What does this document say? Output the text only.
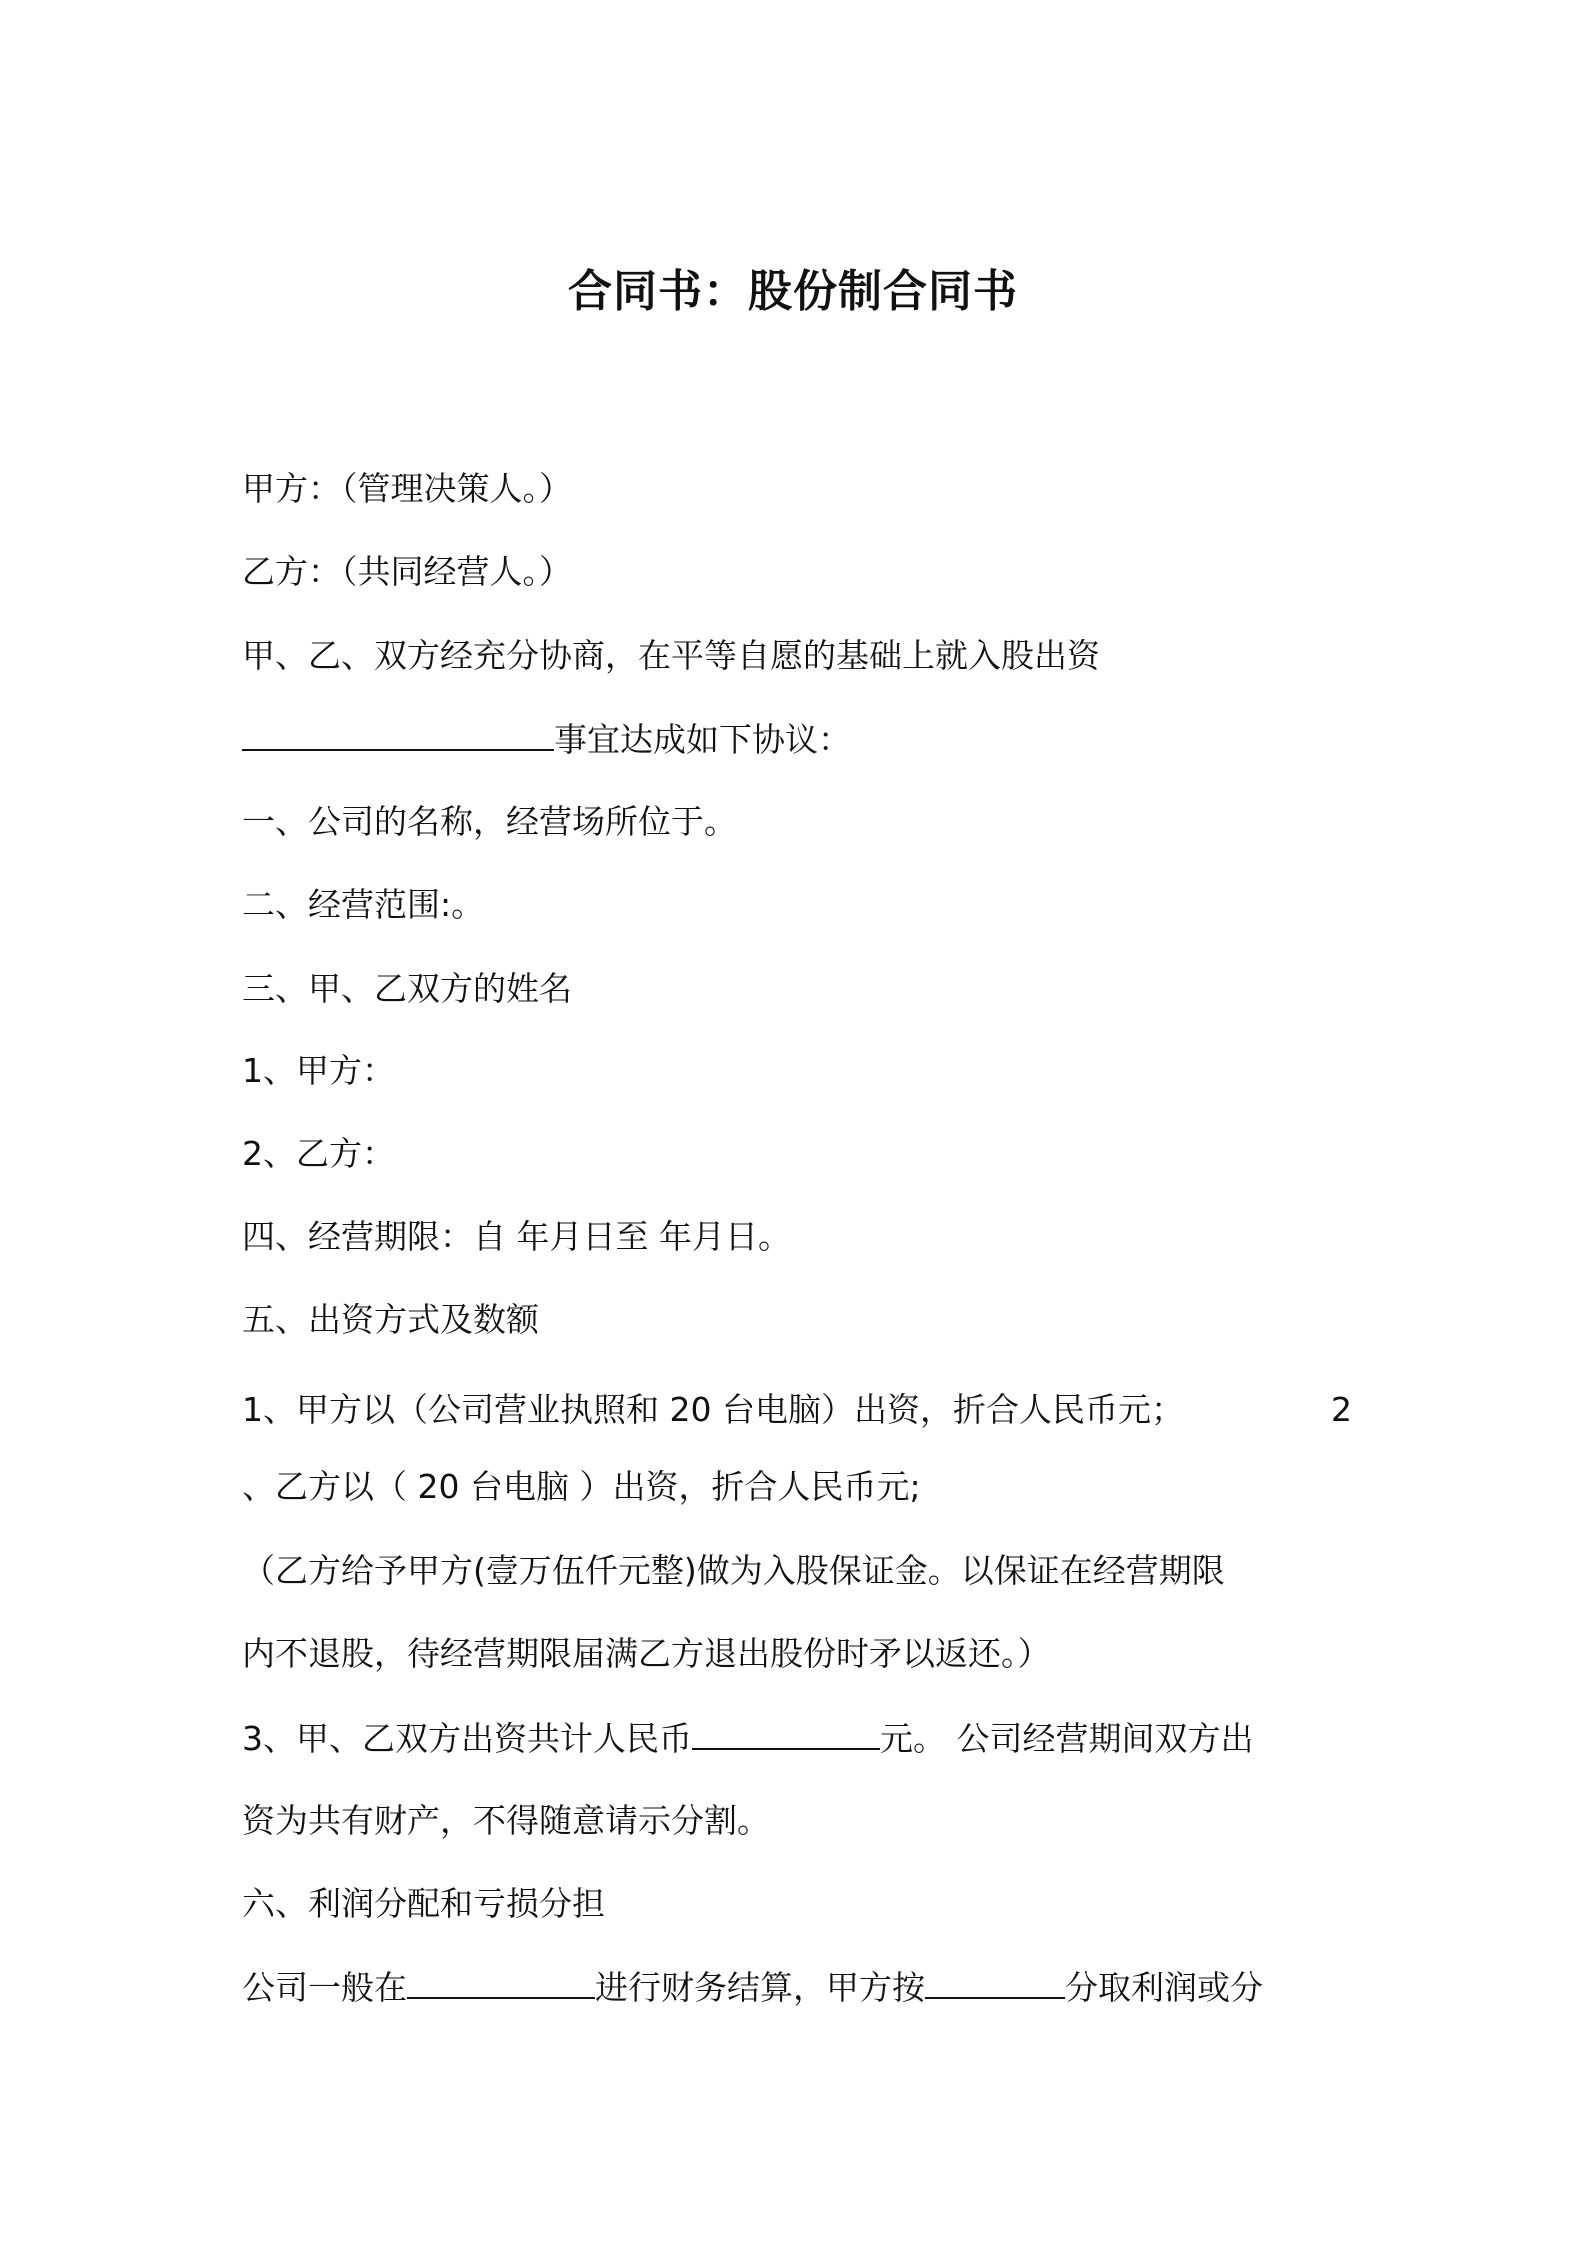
合同书：股份制合同书
甲方：（管理决策人。）
乙方：（共同经营人。）
甲、乙、双方经充分协商，在平等自愿的基础上就入股出资
事宜达成如下协议：
一、公司的名称，经营场所位于。
二、经营范围:。
三、甲、乙双方的姓名
1、甲方：
2、乙方：
四、经营期限：自 年月日至 年月日。
五、出资方式及数额
1、甲方以（公司营业执照和 20 台电脑）出资，折合人民币元；	2
、乙方以（ 20 台电脑 ）出资，折合人民币元;
（乙方给予甲方(壹万伍仟元整)做为入股保证金。以保证在经营期限
内不退股，待经营期限届满乙方退出股份时矛以返还。）
3、甲、乙双方出资共计人民币	元。 公司经营期间双方出
资为共有财产，不得随意请示分割。
六、利润分配和亏损分担
公司一般在	进行财务结算，甲方按	分取利润或分
